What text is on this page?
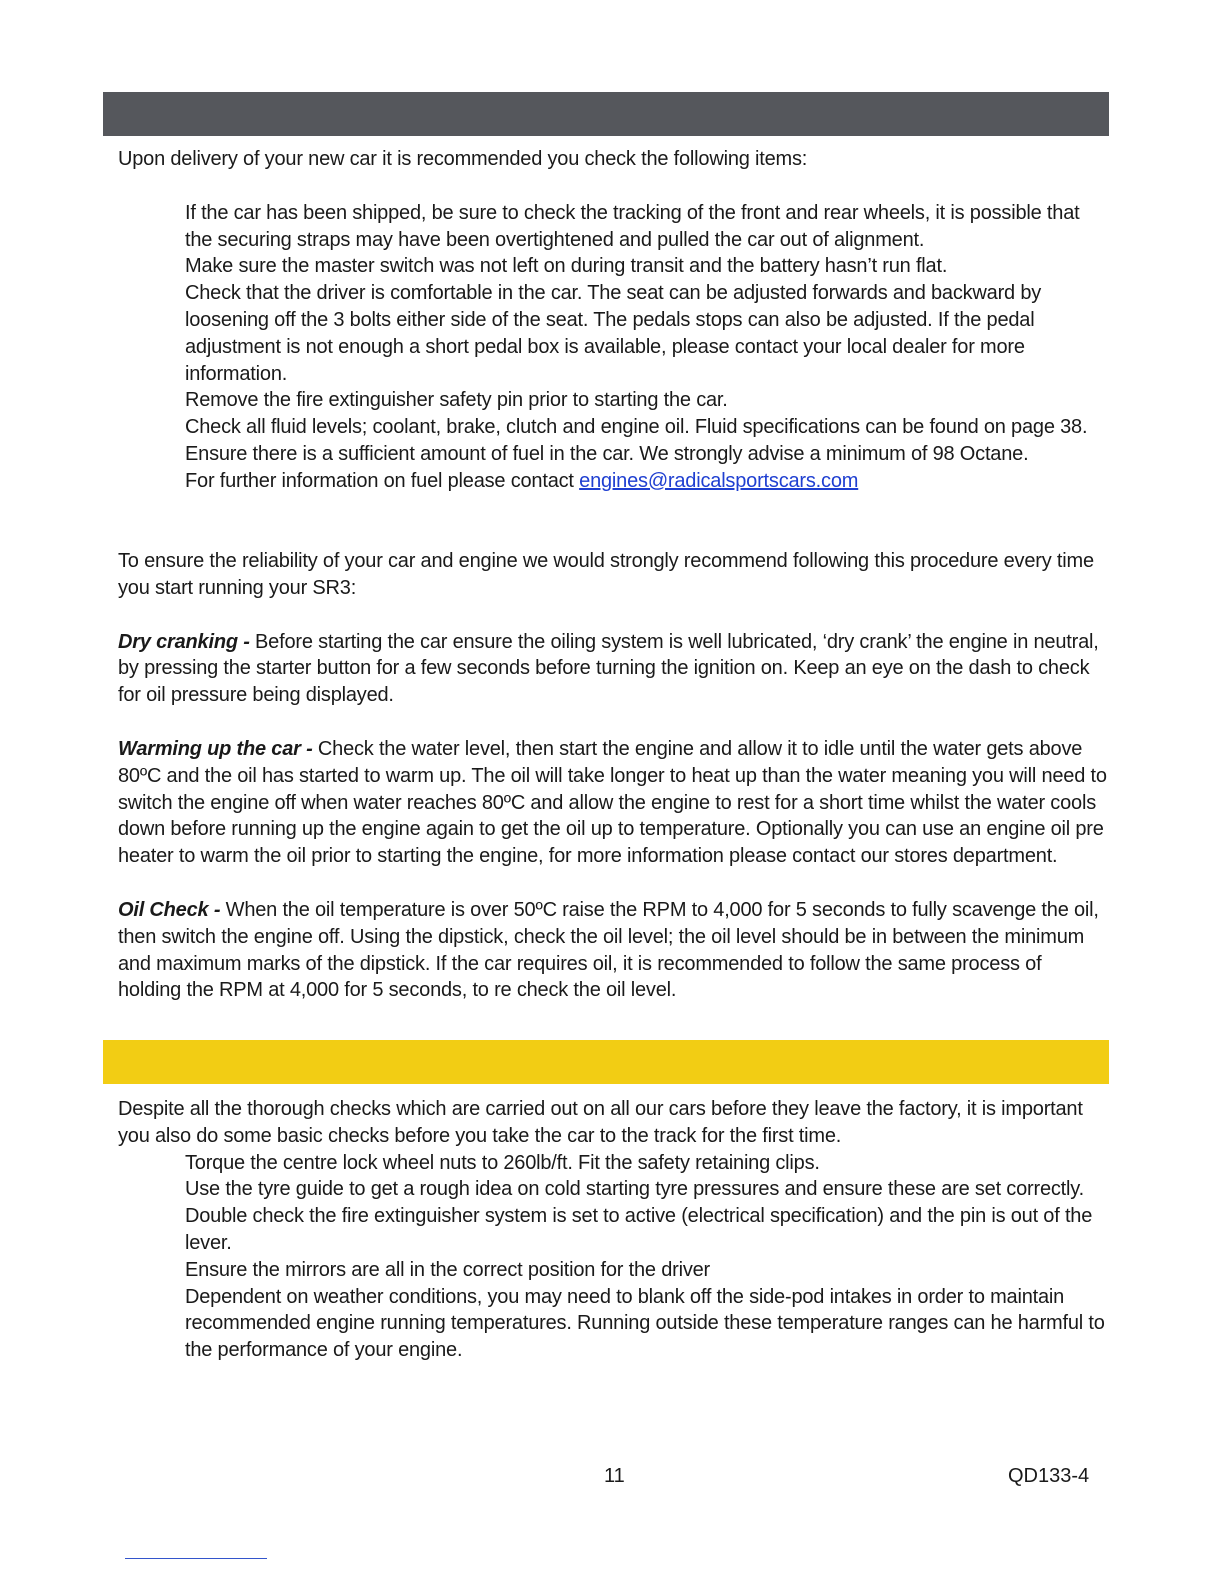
Upon delivery of your new car it is recommended you check the following items:

If the car has been shipped, be sure to check the tracking of the front and rear wheels, it is possible that the securing straps may have been overtightened and pulled the car out of alignment.
Make sure the master switch was not left on during transit and the battery hasn’t run flat.
Check that the driver is comfortable in the car. The seat can be adjusted forwards and backward by loosening off the 3 bolts either side of the seat. The pedals stops can also be adjusted. If the pedal adjustment is not enough a short pedal box is available, please contact your local dealer for more information.
Remove the fire extinguisher safety pin prior to starting the car.
Check all fluid levels; coolant, brake, clutch and engine oil. Fluid specifications can be found on page 38.
Ensure there is a sufficient amount of fuel in the car. We strongly advise a minimum of 98 Octane.
For further information on fuel please contact engines@radicalsportscars.com

To ensure the reliability of your car and engine we would strongly recommend following this procedure every time you start running your SR3:

Dry cranking - Before starting the car ensure the oiling system is well lubricated, ‘dry crank’ the engine in neutral, by pressing the starter button for a few seconds before turning the ignition on. Keep an eye on the dash to check for oil pressure being displayed.

Warming up the car - Check the water level, then start the engine and allow it to idle until the water gets above 80ºC and the oil has started to warm up. The oil will take longer to heat up than the water meaning you will need to switch the engine off when water reaches 80ºC and allow the engine to rest for a short time whilst the water cools down before running up the engine again to get the oil up to temperature. Optionally you can use an engine oil pre heater to warm the oil prior to starting the engine, for more information please contact our stores department.

Oil Check - When the oil temperature is over 50ºC raise the RPM to 4,000 for 5 seconds to fully scavenge the oil, then switch the engine off. Using the dipstick, check the oil level; the oil level should be in between the minimum and maximum marks of the dipstick. If the car requires oil, it is recommended to follow the same process of holding the RPM at 4,000 for 5 seconds, to re check the oil level.

Despite all the thorough checks which are carried out on all our cars before they leave the factory, it is important you also do some basic checks before you take the car to the track for the first time.

Torque the centre lock wheel nuts to 260lb/ft. Fit the safety retaining clips.
Use the tyre guide to get a rough idea on cold starting tyre pressures and ensure these are set correctly.
Double check the fire extinguisher system is set to active (electrical specification) and the pin is out of the lever.
Ensure the mirrors are all in the correct position for the driver
Dependent on weather conditions, you may need to blank off the side-pod intakes in order to maintain recommended engine running temperatures. Running outside these temperature ranges can he harmful to the performance of your engine.
11	QD133-4
